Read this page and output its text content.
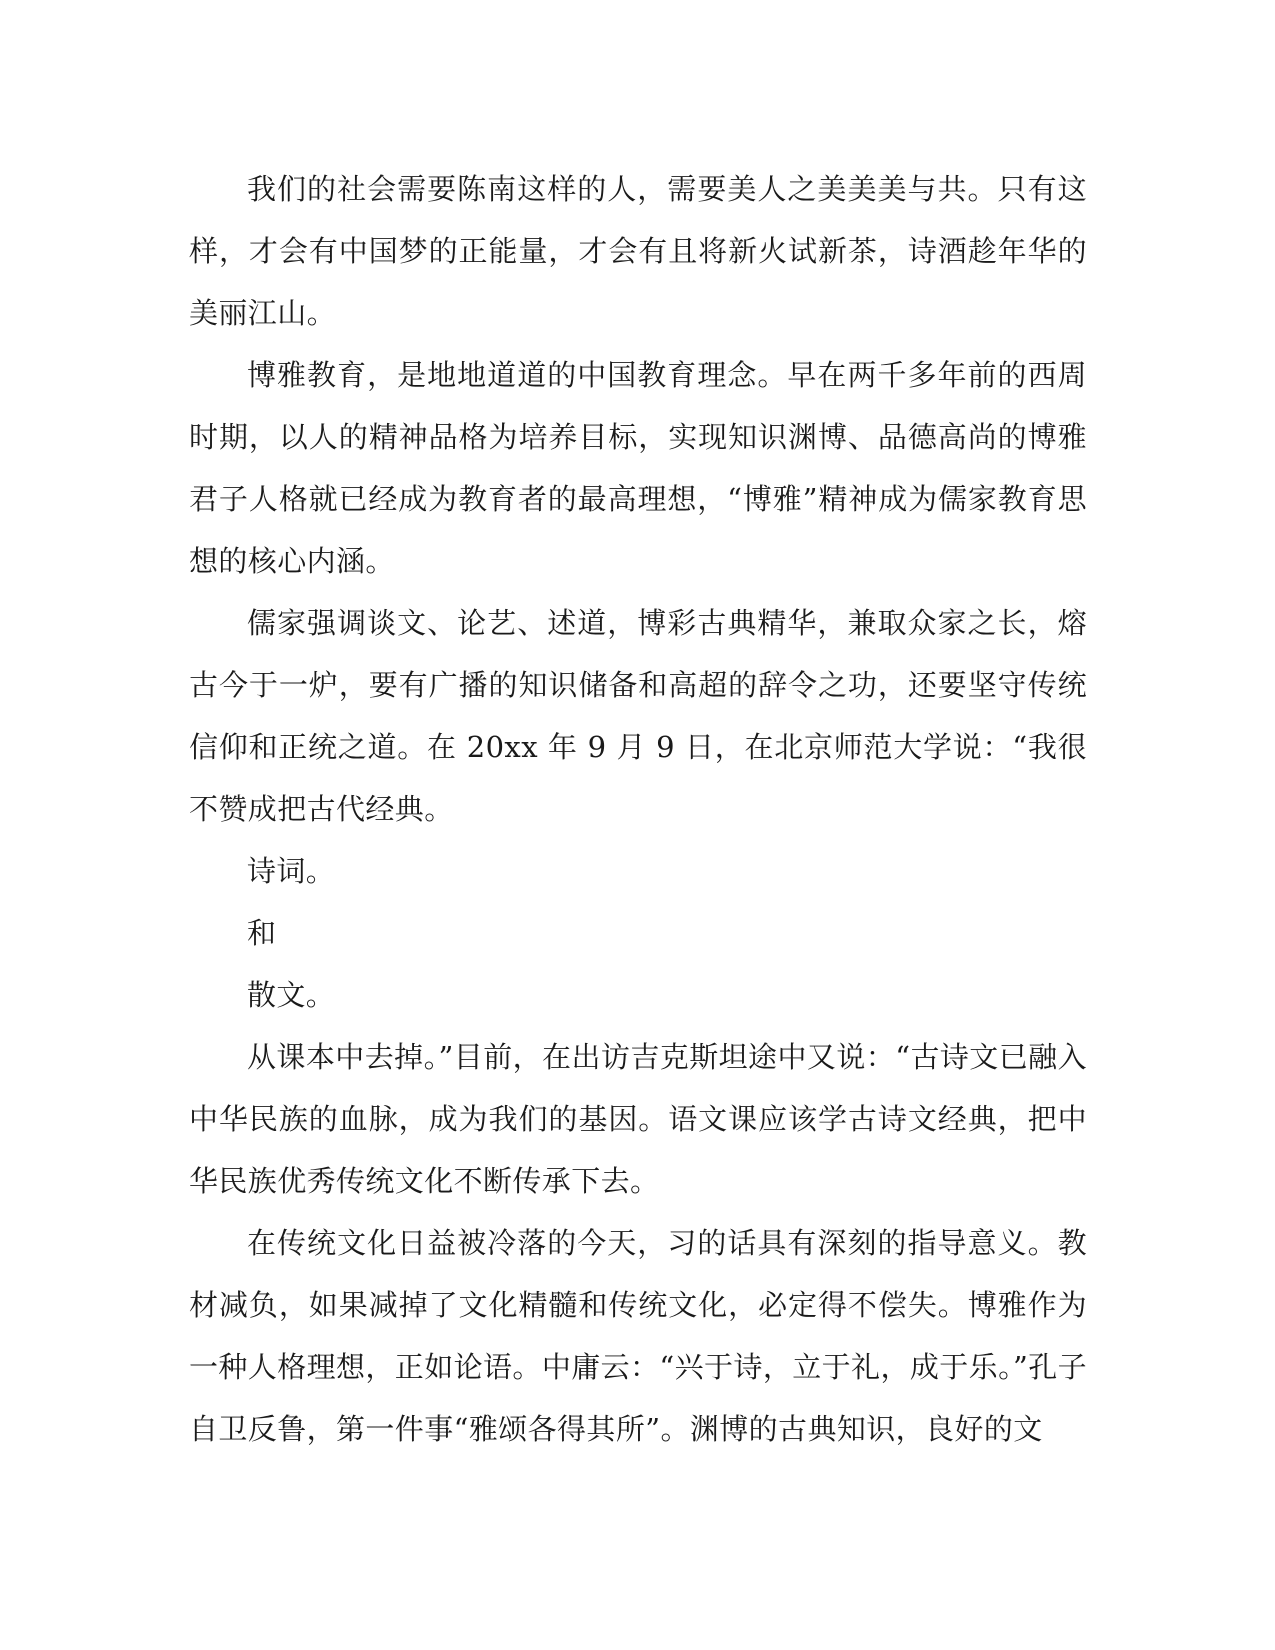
我们的社会需要陈南这样的人，需要美人之美美美与共。只有这样，才会有中国梦的正能量，才会有且将新火试新茶，诗酒趁年华的美丽江山。

博雅教育，是地地道道的中国教育理念。早在两千多年前的西周时期，以人的精神品格为培养目标，实现知识渊博、品德高尚的博雅君子人格就已经成为教育者的最高理想，“博雅”精神成为儒家教育思想的核心内涵。

儒家强调谈文、论艺、述道，博彩古典精华，兼取众家之长，熔古今于一炉，要有广播的知识储备和高超的辞令之功，还要坚守传统信仰和正统之道。在 20xx 年 9 月 9 日，在北京师范大学说：“我很不赞成把古代经典。

诗词。

和

散文。

从课本中去掉。”目前，在出访吉克斯坦途中又说：“古诗文已融入中华民族的血脉，成为我们的基因。语文课应该学古诗文经典，把中华民族优秀传统文化不断传承下去。

在传统文化日益被冷落的今天，习的话具有深刻的指导意义。教材减负，如果减掉了文化精髓和传统文化，必定得不偿失。博雅作为一种人格理想，正如论语。中庸云：“兴于诗，立于礼，成于乐。”孔子自卫反鲁，第一件事“雅颂各得其所”。渊博的古典知识，良好的文
